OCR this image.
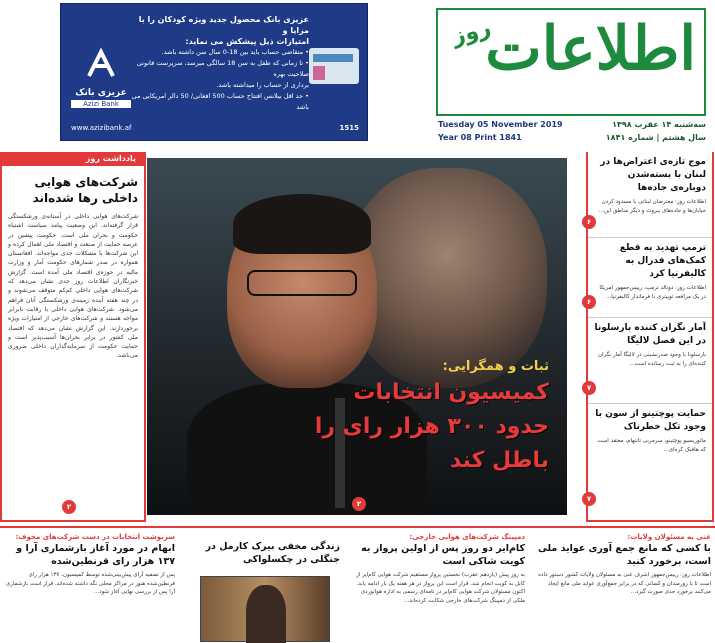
عزیزی بانک محصول جدید ویژه کودکان را با مزایا و
امتیازات ذیل پیشکش می نماید:
• متقاضی حساب باید بین 18-0 سال سن داشته باشد.
• تا زمانی که طفل به سن 18 سالگی میرسد، سرپرست قانونی صلاحیت بهره
برداری از حساب را میداشته باشد.
• حد اقل بیلانس افتتاح حساب 500 افغانی/ 50 دالر امریکایی می باشد
عزیزی بانک
Azizi Bank
www.azizibank.af	1515
اطلاعات
روز
Tuesday 05 November 2019	سه‌شنبه ۱۴ عقرب ۱۳۹۸
Year 08 Print 1841	سال هشتم | شماره ۱۸۴۱
یادداشت روز
شرکت‌های هوایی داخلی رها شده‌اند
شرکت‌های هوایی داخلی در آستانه‌ی ورشکستگی قرار گرفته‌اند. این وضعیت پیامد سیاست اشتباه حکومت و بحران ملی است. حکومت پیشین در عرصه حمایت از صنعت و اقتصاد ملی اهمال کرده و این شرکت‌ها با مشکلات جدی مواجه‌اند. افغانستان همواره در صدر شمارهای حکومت آمار و وزارت مالیه در حوزه‌ی اقتصاد ملی آمده است. گزارش خبرنگاران اطلاعات روز جدی نشان می‌دهد که شرکت‌های هوایی داخلی کم‌کم متوقف می‌شوند و در چند هفته آینده زمینه‌ی ورشکستگی آنان فراهم می‌شود. شرکت‌های هوایی داخلی با رقابت نابرابر مواجه هستند و شرکت‌های خارجی از امتیازات ویژه برخوردارند. این گزارش نشان می‌دهد که اقتصاد ملی کشور در برابر بحران‌ها آسیب‌پذیر است و حمایت حکومت از سرمایه‌گذاران داخلی ضروری می‌باشد.
۲
ثبات و همگرایی:
کمیسیون انتخابات
حدود ۳۰۰ هزار رای را باطل کند
۲
موج تازه‌ی اعتراض‌ها در لبنان با بسته‌شدن دوباره‌ی جاده‌ها

اطلاعات روز: معترضان لبنانی با مسدود کردن خیابان‌ها و جاده‌های بیروت و دیگر مناطق این...

۶
ترمپ تهدید به قطع کمک‌های فدرال به کالیفرنیا کرد

اطلاعات روز: دونالد ترمپ، رییس‌جمهور امریکا در یک مرافعه توییتری با فرماندار کالیفرنیا...

۶
آمار نگران کننده بارسلونا در این فصل لالیگا

بارسلونا با وجود صدرنشینی در لالیگا آمار نگران کننده‌ای را به ثبت رسانده است...

۷
حمایت پوچتینو از سون با وجود تکل خطرناک

مائوریسیو پوچتینو، سرمربی تاتنهام، معتقد است که هافبک کره‌ای...

۷
غنی به مسئولان ولایات:
با کسی که مانع جمع آوری عواید ملی است، برخورد کنید
اطلاعات روز: رییس‌جمهور اشرف غنی به مسئولان ولایات کشور دستور داده است تا با زورمندان و کسانی که در برابر جمع‌آوری عواید ملی مانع ایجاد می‌کنند برخورد جدی صورت گیرد...
دمپینگ شرکت‌های هوایی خارجی:
کام‌ایر دو روز پس از اولین پرواز به کویت شاکی است
به روز پیش (یازدهم عقرب) نخستین پرواز مستقیم شرکت هوایی کام‌ایر از کابل به کویت انجام شد. قرار است این پرواز در هر هفته یک بار ادامه یابد. اکنون مسئولان شرکت هوایی کام‌ایر در نامه‌ای رسمی به اداره هوانوردی ملکی از دمپینگ شرکت‌های خارجی شکایت کرده‌اند...
زندگی مخفی بیرک کارمل در جنگلی در چکسلواکی
سرنوشت انتخابات در دست شرکت‌های مخوف:
ابهام در مورد آغاز بازشماری آرا و ۱۳۷ هزار رای قرنطین‌شده
پس از تصفیه آرای پیش‌بینی‌شده توسط کمیسیون، ۱۳۷ هزار رای قرنطین‌شده هنوز در مراکز محلی نگه داشته شده‌اند. قرار است بازشماری آرا پس از بررسی نهایی آغاز شود...
